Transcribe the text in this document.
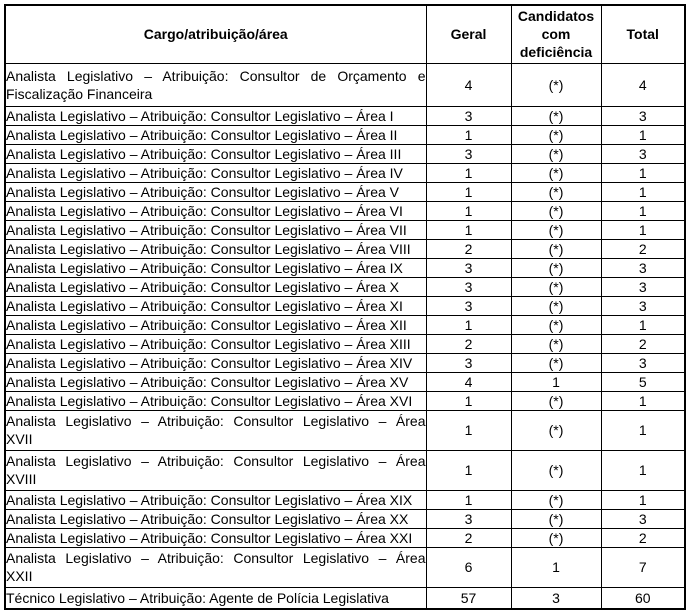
Cargo/atribuição/área	Geral	Candidatos com deficiência	Total

Analista Legislativo – Atribuição: Consultor de Orçamento e
Fiscalização Financeira	4	(*)	4

Analista Legislativo – Atribuição: Consultor Legislativo – Área I	3	(*)	3

Analista Legislativo – Atribuição: Consultor Legislativo – Área II	1	(*)	1

Analista Legislativo – Atribuição: Consultor Legislativo – Área III	3	(*)	3

Analista Legislativo – Atribuição: Consultor Legislativo – Área IV	1	(*)	1

Analista Legislativo – Atribuição: Consultor Legislativo – Área V	1	(*)	1

Analista Legislativo – Atribuição: Consultor Legislativo – Área VI	1	(*)	1

Analista Legislativo – Atribuição: Consultor Legislativo – Área VII	1	(*)	1

Analista Legislativo – Atribuição: Consultor Legislativo – Área VIII	2	(*)	2

Analista Legislativo – Atribuição: Consultor Legislativo – Área IX	3	(*)	3

Analista Legislativo – Atribuição: Consultor Legislativo – Área X	3	(*)	3

Analista Legislativo – Atribuição: Consultor Legislativo – Área XI	3	(*)	3

Analista Legislativo – Atribuição: Consultor Legislativo – Área XII	1	(*)	1

Analista Legislativo – Atribuição: Consultor Legislativo – Área XIII	2	(*)	2

Analista Legislativo – Atribuição: Consultor Legislativo – Área XIV	3	(*)	3

Analista Legislativo – Atribuição: Consultor Legislativo – Área XV	4	1	5

Analista Legislativo – Atribuição: Consultor Legislativo – Área XVI	1	(*)	1

Analista Legislativo – Atribuição: Consultor Legislativo – Área
XVII	1	(*)	1

Analista Legislativo – Atribuição: Consultor Legislativo – Área
XVIII	1	(*)	1

Analista Legislativo – Atribuição: Consultor Legislativo – Área XIX	1	(*)	1

Analista Legislativo – Atribuição: Consultor Legislativo – Área XX	3	(*)	3

Analista Legislativo – Atribuição: Consultor Legislativo – Área XXI	2	(*)	2

Analista Legislativo – Atribuição: Consultor Legislativo – Área
XXII	6	1	7

Técnico Legislativo – Atribuição: Agente de Polícia Legislativa	57	3	60
